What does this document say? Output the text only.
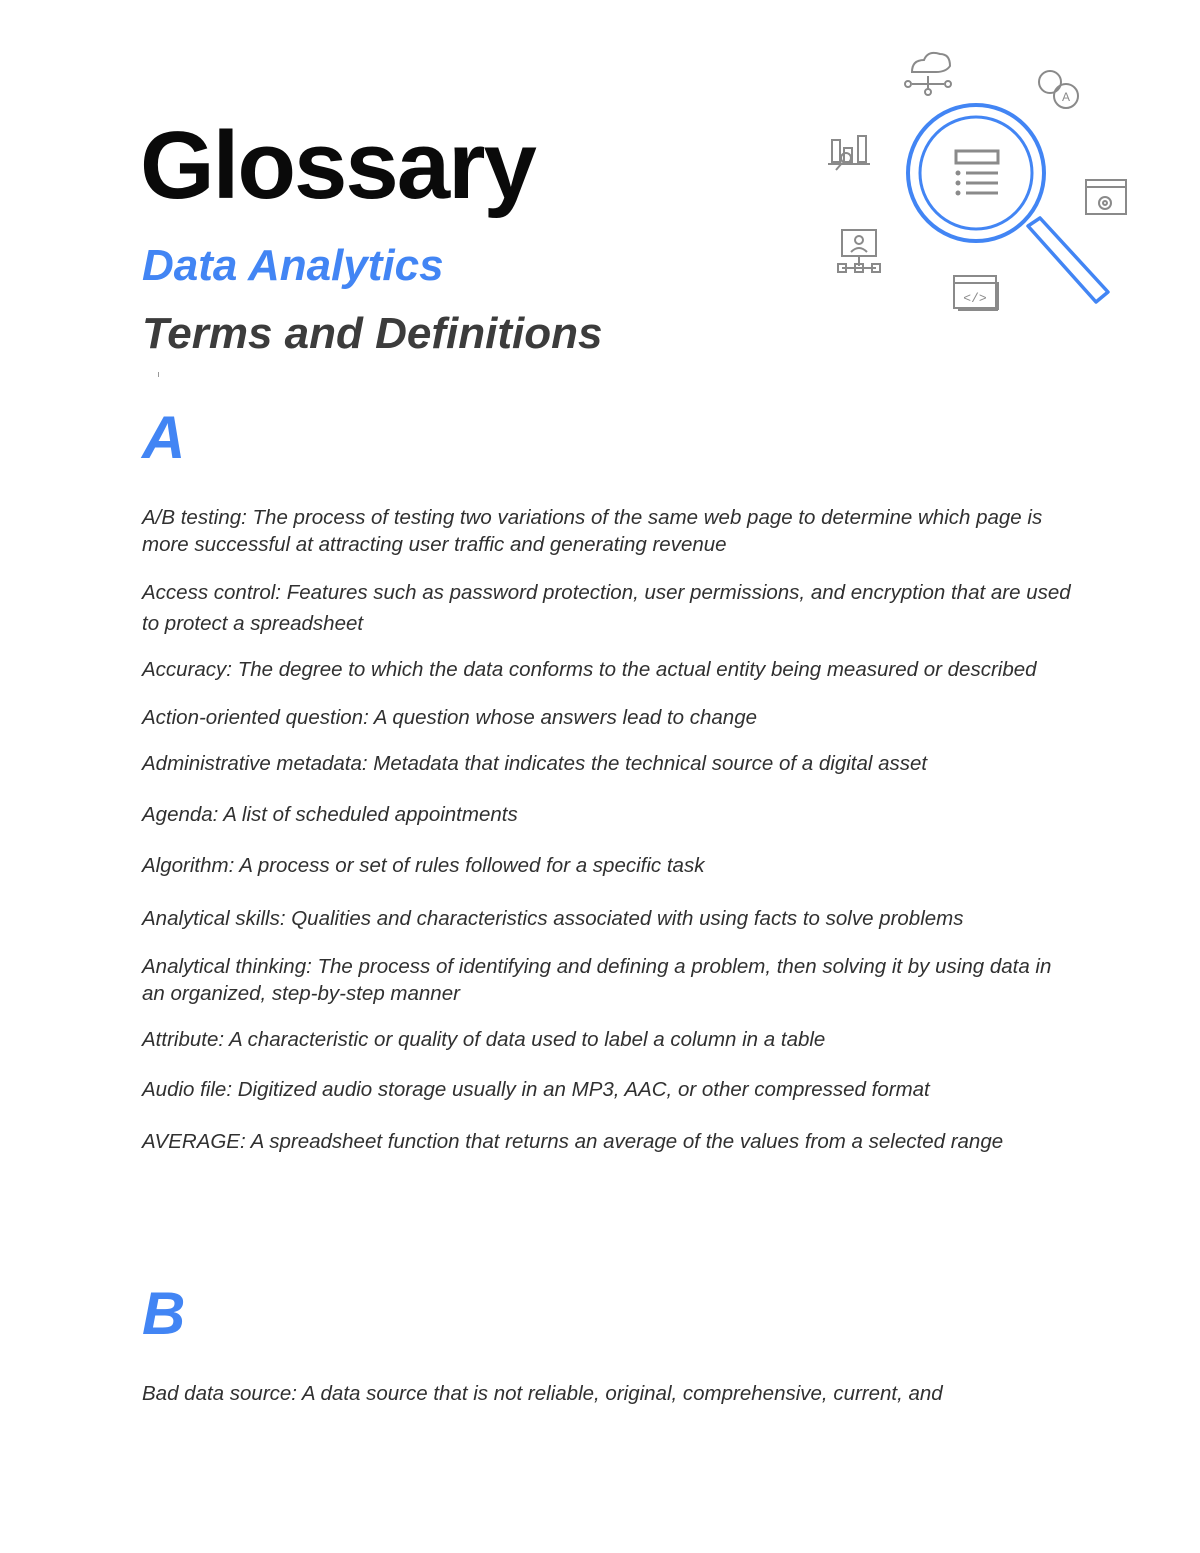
Glossary
Data Analytics
Terms and Definitions
A
</>
A

A/B testing: The process of testing two variations of the same web page to determine which page is more successful at attracting user traffic and generating revenue

Access control: Features such as password protection, user permissions, and encryption that are used to protect a spreadsheet

Accuracy: The degree to which the data conforms to the actual entity being measured or described

Action-oriented question: A question whose answers lead to change

Administrative metadata: Metadata that indicates the technical source of a digital asset

Agenda: A list of scheduled appointments

Algorithm: A process or set of rules followed for a specific task

Analytical skills: Qualities and characteristics associated with using facts to solve problems

Analytical thinking: The process of identifying and defining a problem, then solving it by using data in an organized, step-by-step manner

Attribute: A characteristic or quality of data used to label a column in a table

Audio file: Digitized audio storage usually in an MP3, AAC, or other compressed format

AVERAGE: A spreadsheet function that returns an average of the values from a selected range

B

Bad data source: A data source that is not reliable, original, comprehensive, current, and
